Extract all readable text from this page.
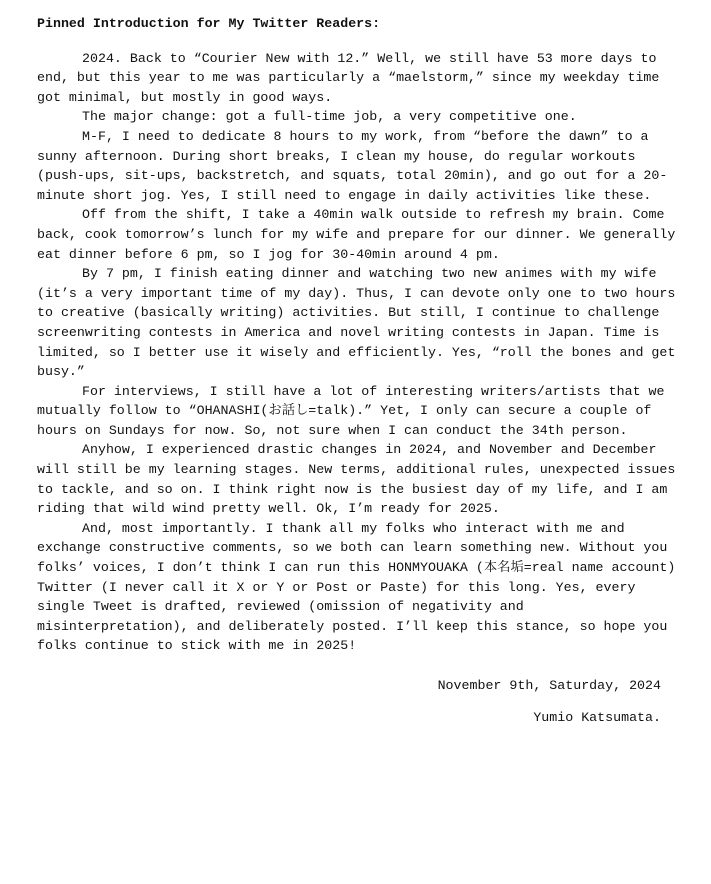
Pinned Introduction for My Twitter Readers:

2024. Back to “Courier New with 12.” Well, we still have 53 more days to end, but this year to me was particularly a “maelstorm,” since my weekday time got minimal, but mostly in good ways.

The major change: got a full-time job, a very competitive one.

M-F, I need to dedicate 8 hours to my work, from “before the dawn” to a sunny afternoon. During short breaks, I clean my house, do regular workouts (push-ups, sit-ups, backstretch, and squats, total 20min), and go out for a 20-minute short jog. Yes, I still need to engage in daily activities like these.

Off from the shift, I take a 40min walk outside to refresh my brain. Come back, cook tomorrow’s lunch for my wife and prepare for our dinner. We generally eat dinner before 6 pm, so I jog for 30-40min around 4 pm.

By 7 pm, I finish eating dinner and watching two new animes with my wife (it’s a very important time of my day). Thus, I can devote only one to two hours to creative (basically writing) activities. But still, I continue to challenge screenwriting contests in America and novel writing contests in Japan. Time is limited, so I better use it wisely and efficiently. Yes, “roll the bones and get busy.”

For interviews, I still have a lot of interesting writers/artists that we mutually follow to “OHANASHI(お話し=talk).” Yet, I only can secure a couple of hours on Sundays for now. So, not sure when I can conduct the 34th person.

Anyhow, I experienced drastic changes in 2024, and November and December will still be my learning stages. New terms, additional rules, unexpected issues to tackle, and so on. I think right now is the busiest day of my life, and I am riding that wild wind pretty well. Ok, I’m ready for 2025.

And, most importantly. I thank all my folks who interact with me and exchange constructive comments, so we both can learn something new. Without you folks’ voices, I don’t think I can run this HONMYOUAKA (本名垢=real name account) Twitter (I never call it X or Y or Post or Paste) for this long. Yes, every single Tweet is drafted, reviewed (omission of negativity and misinterpretation), and deliberately posted. I’ll keep this stance, so hope you folks continue to stick with me in 2025!

November 9th, Saturday, 2024

Yumio Katsumata.
